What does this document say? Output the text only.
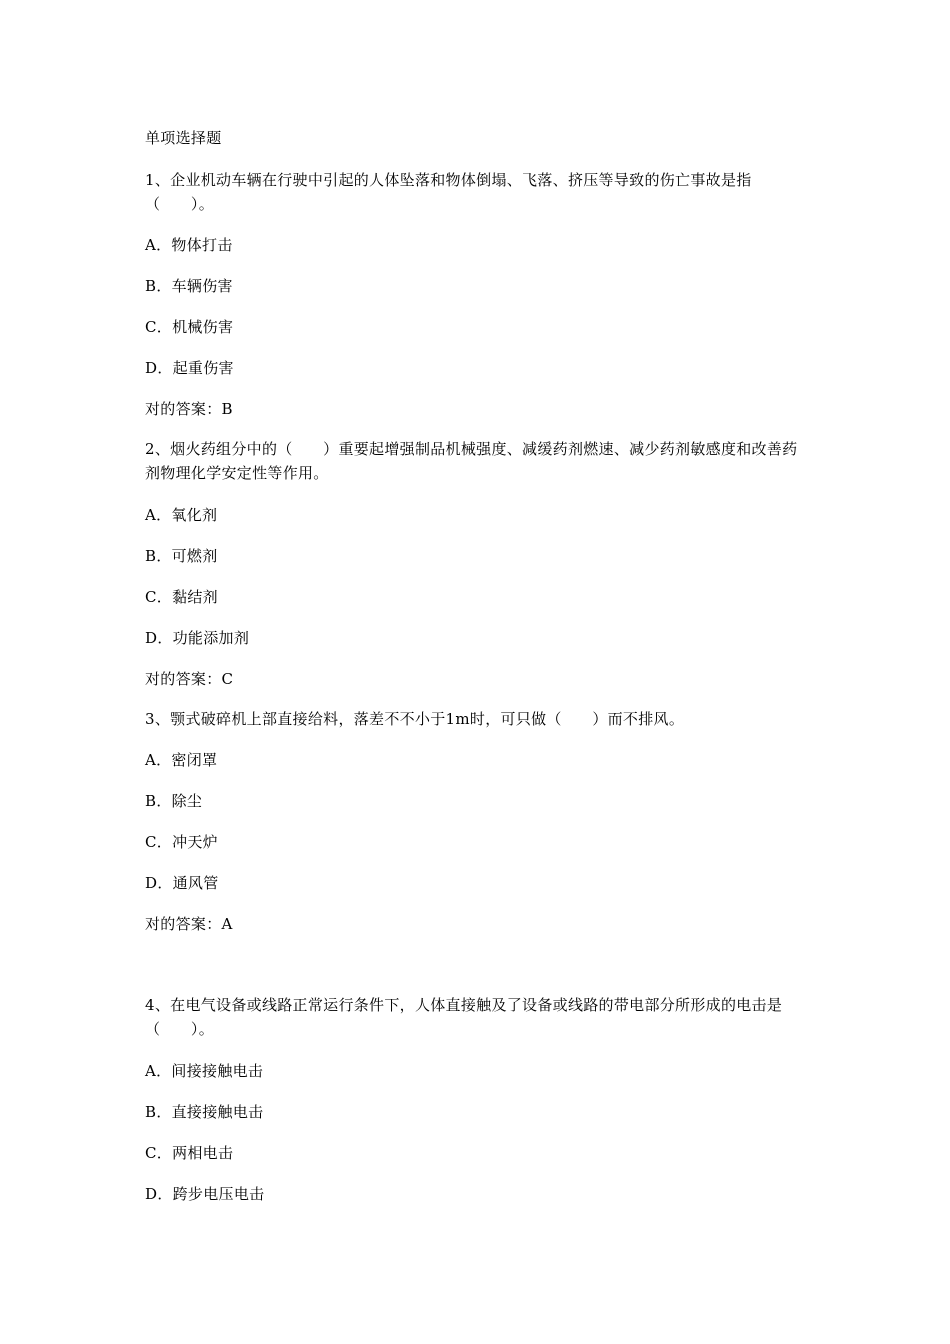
单项选择题
1、企业机动车辆在行驶中引起的人体坠落和物体倒塌、飞落、挤压等导致的伤亡事故是指（　　）。
A．物体打击
B．车辆伤害
C．机械伤害
D．起重伤害
对的答案：B
2、烟火药组分中的（　　）重要起增强制品机械强度、减缓药剂燃速、减少药剂敏感度和改善药剂物理化学安定性等作用。
A．氧化剂
B．可燃剂
C．黏结剂
D．功能添加剂
对的答案：C
3、颚式破碎机上部直接给料，落差不不小于1m时，可只做（　　）而不排风。
A．密闭罩
B．除尘
C．冲天炉
D．通风管
对的答案：A
4、在电气设备或线路正常运行条件下，人体直接触及了设备或线路的带电部分所形成的电击是（　　）。
A．间接接触电击
B．直接接触电击
C．两相电击
D．跨步电压电击
